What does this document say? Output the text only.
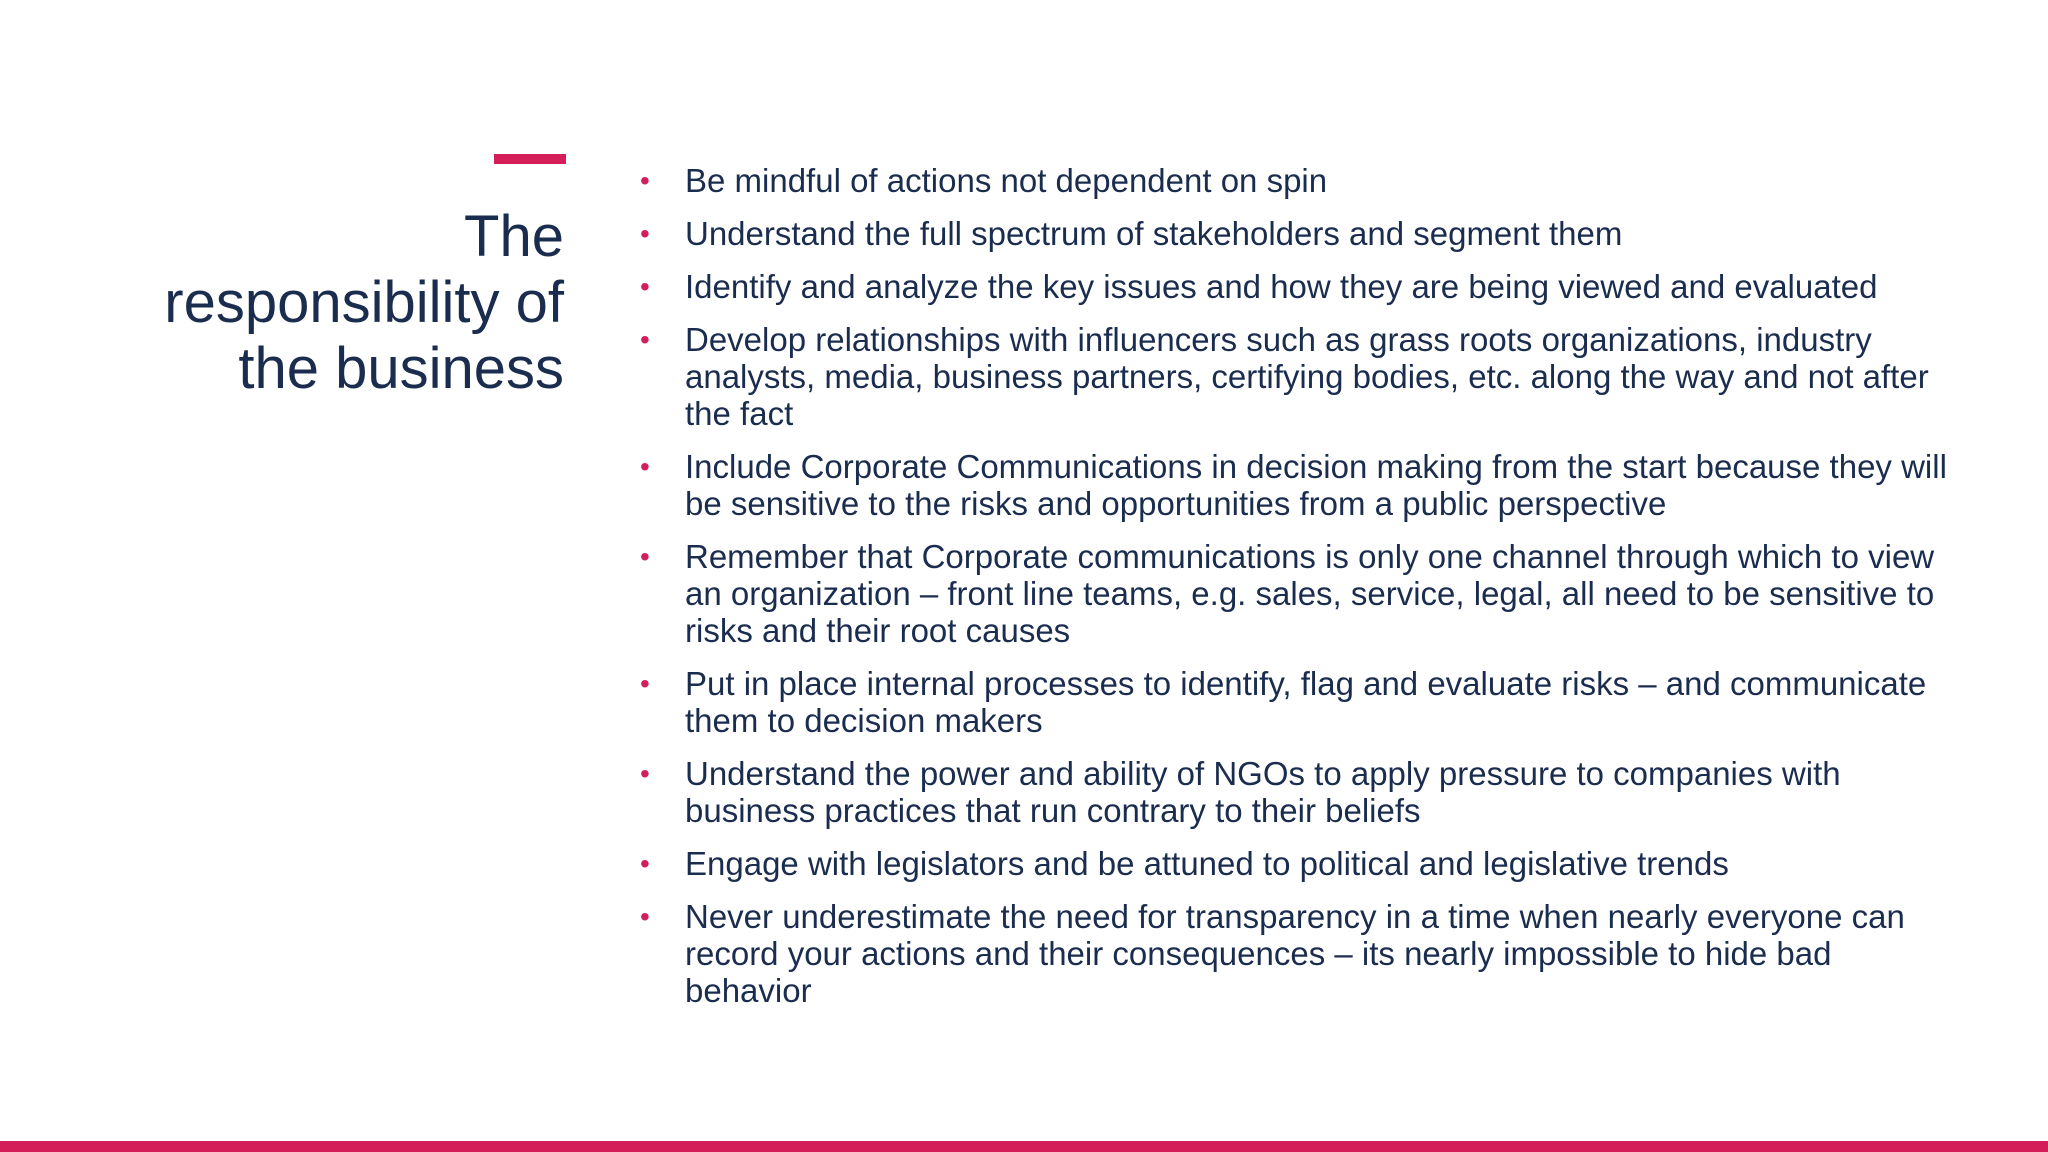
The
responsibility of
the business
• Be mindful of actions not dependent on spin
• Understand the full spectrum of stakeholders and segment them
• Identify and analyze the key issues and how they are being viewed and evaluated
• Develop relationships with influencers such as grass roots organizations, industry analysts, media, business partners, certifying bodies, etc. along the way and not after the fact
• Include Corporate Communications in decision making from the start because they will be sensitive to the risks and opportunities from a public perspective
• Remember that Corporate communications is only one channel through which to view an organization – front line teams, e.g. sales, service, legal, all need to be sensitive to risks and their root causes
• Put in place internal processes to identify, flag and evaluate risks – and communicate them to decision makers
• Understand the power and ability of NGOs to apply pressure to companies with business practices that run contrary to their beliefs
• Engage with legislators and be attuned to political and legislative trends
• Never underestimate the need for transparency in a time when nearly everyone can record your actions and their consequences – its nearly impossible to hide bad behavior
